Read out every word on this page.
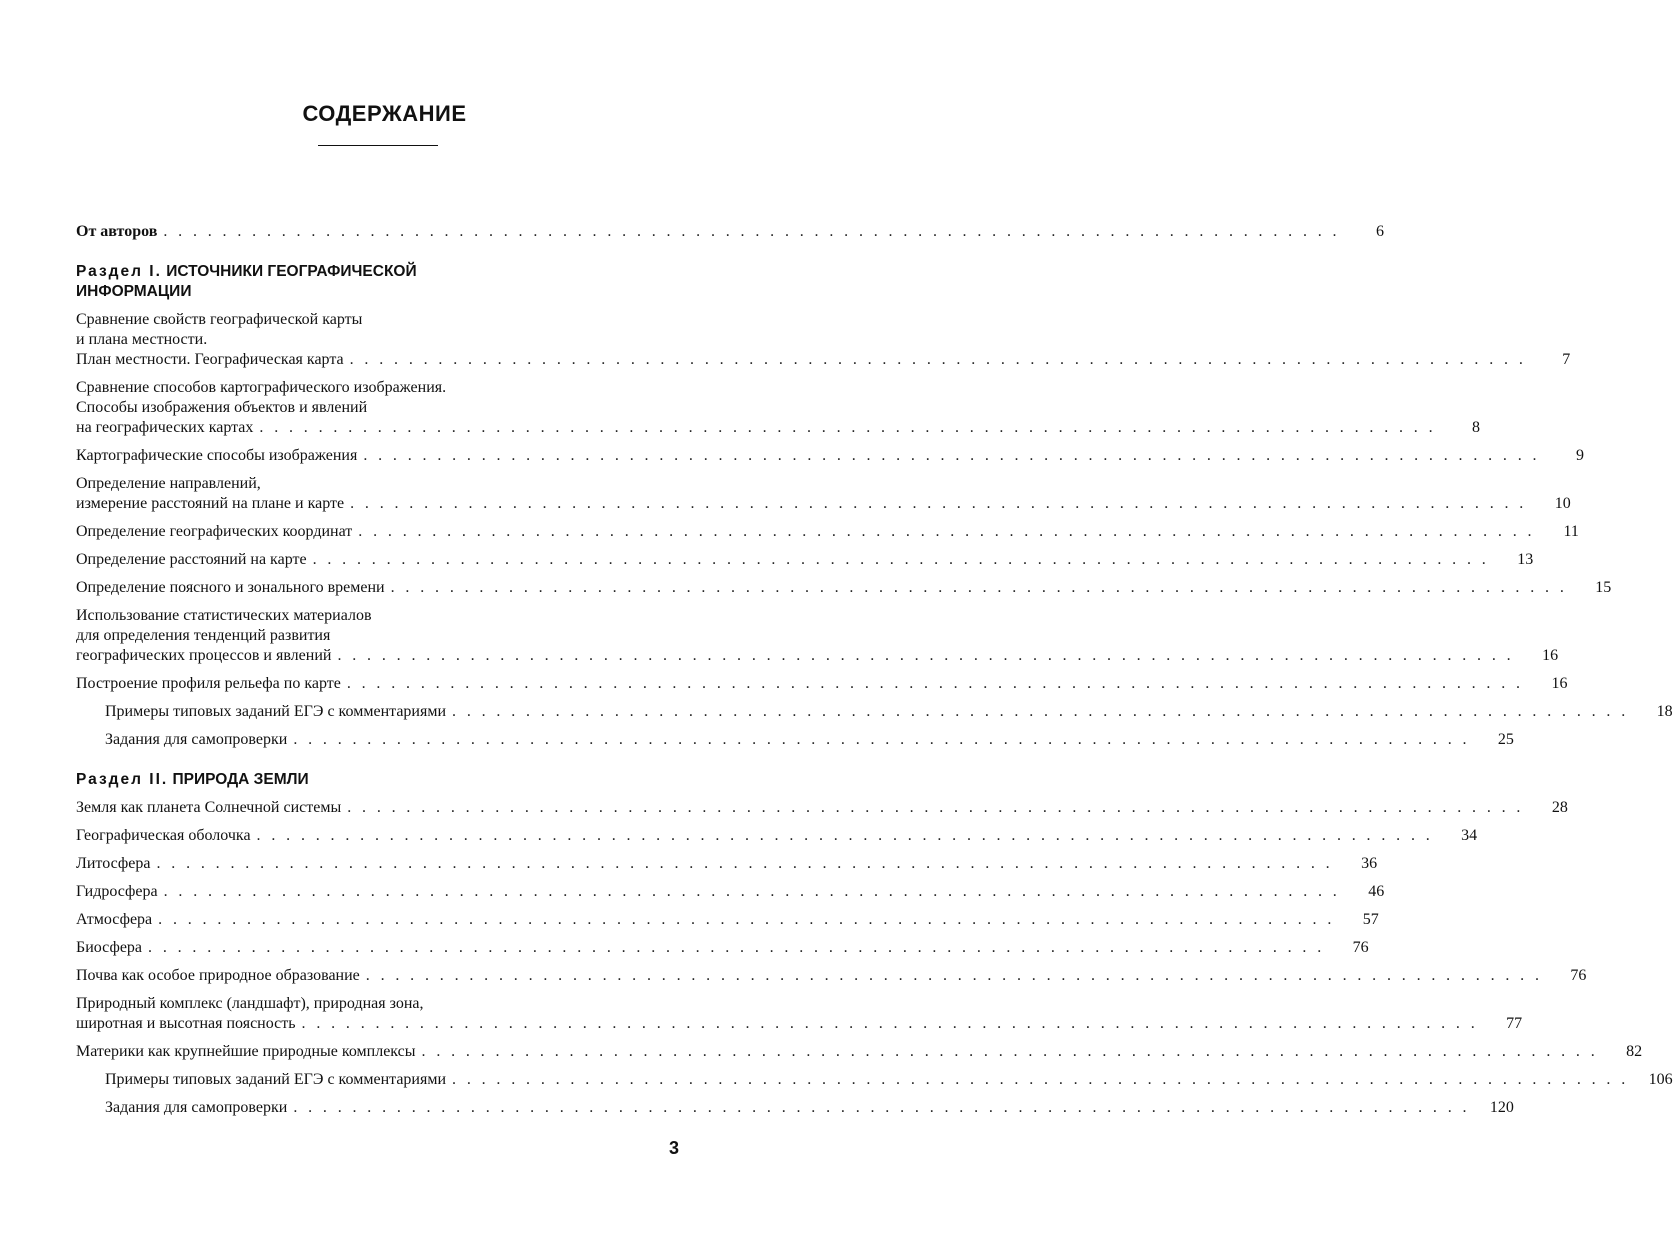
СОДЕРЖАНИЕ
От авторов . . . . . . . . . . . . . . . . . . . . . . . . . . . . . . . . . . . . . . . . . . . . . . . . . . . . . . . . . . . . . . . . . . . . . . . . . . . . . . . .	6
Раздел I. ИСТОЧНИКИ ГЕОГРАФИЧЕСКОЙ
ИНФОРМАЦИИ
Сравнение свойств географической карты
и плана местности.
План местности. Географическая карта . . . . . . . . . . . . . . . . . . . . . . . . . . . . . . . . . . . . . . . . . . . . . . . . . . . . . . . . . . . . . . . . . . . . . . . . . . . . . . . .	7
Сравнение способов картографического изображения.
Способы изображения объектов и явлений
на географических картах . . . . . . . . . . . . . . . . . . . . . . . . . . . . . . . . . . . . . . . . . . . . . . . . . . . . . . . . . . . . . . . . . . . . . . . . . . . . . . . .	8
Картографические способы изображения . . . . . . . . . . . . . . . . . . . . . . . . . . . . . . . . . . . . . . . . . . . . . . . . . . . . . . . . . . . . . . . . . . . . . . . . . . . . . . . .	9
Определение направлений,
измерение расстояний на плане и карте . . . . . . . . . . . . . . . . . . . . . . . . . . . . . . . . . . . . . . . . . . . . . . . . . . . . . . . . . . . . . . . . . . . . . . . . . . . . . . . .	10
Определение географических координат . . . . . . . . . . . . . . . . . . . . . . . . . . . . . . . . . . . . . . . . . . . . . . . . . . . . . . . . . . . . . . . . . . . . . . . . . . . . . . . .	11
Определение расстояний на карте . . . . . . . . . . . . . . . . . . . . . . . . . . . . . . . . . . . . . . . . . . . . . . . . . . . . . . . . . . . . . . . . . . . . . . . . . . . . . . . .	13
Определение поясного и зонального времени . . . . . . . . . . . . . . . . . . . . . . . . . . . . . . . . . . . . . . . . . . . . . . . . . . . . . . . . . . . . . . . . . . . . . . . . . . . . . . . .	15
Использование статистических материалов
для определения тенденций развития
географических процессов и явлений . . . . . . . . . . . . . . . . . . . . . . . . . . . . . . . . . . . . . . . . . . . . . . . . . . . . . . . . . . . . . . . . . . . . . . . . . . . . . . . .	16
Построение профиля рельефа по карте . . . . . . . . . . . . . . . . . . . . . . . . . . . . . . . . . . . . . . . . . . . . . . . . . . . . . . . . . . . . . . . . . . . . . . . . . . . . . . . .	16
Примеры типовых заданий ЕГЭ с комментариями . . . . . . . . . . . . . . . . . . . . . . . . . . . . . . . . . . . . . . . . . . . . . . . . . . . . . . . . . . . . . . . . . . . . . . . . . . . . . . . .	18
Задания для самопроверки . . . . . . . . . . . . . . . . . . . . . . . . . . . . . . . . . . . . . . . . . . . . . . . . . . . . . . . . . . . . . . . . . . . . . . . . . . . . . . . .	25
Раздел II. ПРИРОДА ЗЕМЛИ
Земля как планета Солнечной системы . . . . . . . . . . . . . . . . . . . . . . . . . . . . . . . . . . . . . . . . . . . . . . . . . . . . . . . . . . . . . . . . . . . . . . . . . . . . . . . .	28
Географическая оболочка . . . . . . . . . . . . . . . . . . . . . . . . . . . . . . . . . . . . . . . . . . . . . . . . . . . . . . . . . . . . . . . . . . . . . . . . . . . . . . . .	34
Литосфера . . . . . . . . . . . . . . . . . . . . . . . . . . . . . . . . . . . . . . . . . . . . . . . . . . . . . . . . . . . . . . . . . . . . . . . . . . . . . . . .	36
Гидросфера . . . . . . . . . . . . . . . . . . . . . . . . . . . . . . . . . . . . . . . . . . . . . . . . . . . . . . . . . . . . . . . . . . . . . . . . . . . . . . . .	46
Атмосфера . . . . . . . . . . . . . . . . . . . . . . . . . . . . . . . . . . . . . . . . . . . . . . . . . . . . . . . . . . . . . . . . . . . . . . . . . . . . . . . .	57
Биосфера . . . . . . . . . . . . . . . . . . . . . . . . . . . . . . . . . . . . . . . . . . . . . . . . . . . . . . . . . . . . . . . . . . . . . . . . . . . . . . . .	76
Почва как особое природное образование . . . . . . . . . . . . . . . . . . . . . . . . . . . . . . . . . . . . . . . . . . . . . . . . . . . . . . . . . . . . . . . . . . . . . . . . . . . . . . . .	76
Природный комплекс (ландшафт), природная зона,
широтная и высотная поясность . . . . . . . . . . . . . . . . . . . . . . . . . . . . . . . . . . . . . . . . . . . . . . . . . . . . . . . . . . . . . . . . . . . . . . . . . . . . . . . .	77
Материки как крупнейшие природные комплексы . . . . . . . . . . . . . . . . . . . . . . . . . . . . . . . . . . . . . . . . . . . . . . . . . . . . . . . . . . . . . . . . . . . . . . . . . . . . . . . .	82
Примеры типовых заданий ЕГЭ с комментариями . . . . . . . . . . . . . . . . . . . . . . . . . . . . . . . . . . . . . . . . . . . . . . . . . . . . . . . . . . . . . . . . . . . . . . . . . . . . . . . .	106
Задания для самопроверки . . . . . . . . . . . . . . . . . . . . . . . . . . . . . . . . . . . . . . . . . . . . . . . . . . . . . . . . . . . . . . . . . . . . . . . . . . . . . . . .	120
3
